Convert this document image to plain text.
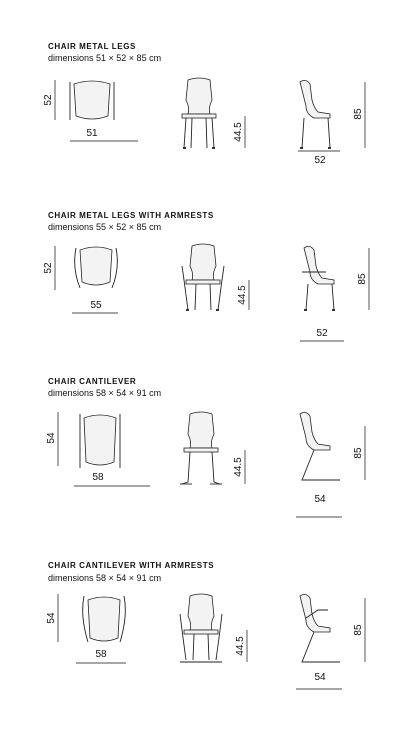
CHAIR METAL LEGS
dimensions 51 × 52 × 85 cm
52
51	44.5
85
52
CHAIR METAL LEGS WITH ARMRESTS
dimensions 55 × 52 × 85 cm
52
55
44.5
85
52
CHAIR CANTILEVER
dimensions 58 × 54 × 91 cm
54
58
44.5
85
54
CHAIR CANTILEVER WITH ARMRESTS
dimensions 58 × 54 × 91 cm
54
58	44.5
85
54
